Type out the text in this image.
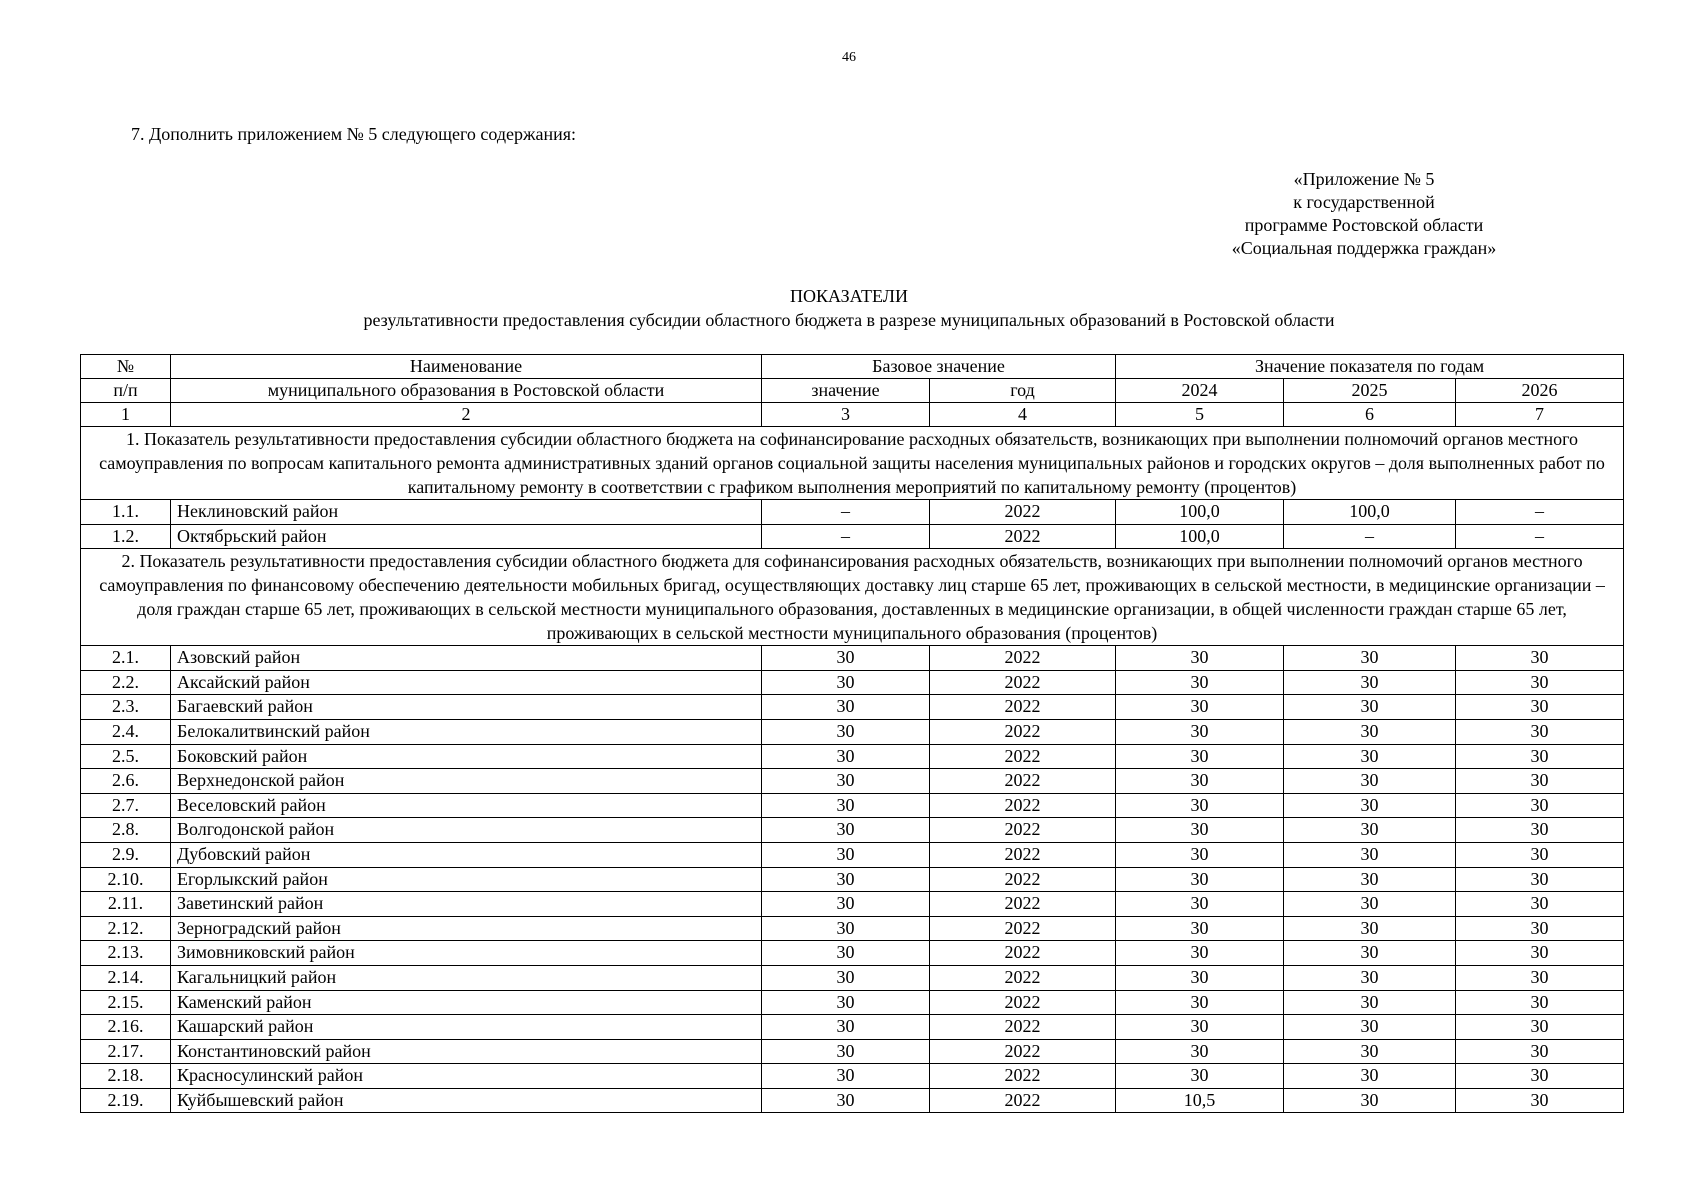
46
7. Дополнить приложением № 5 следующего содержания:
«Приложение № 5
к государственной
программе Ростовской области
«Социальная поддержка граждан»
ПОКАЗАТЕЛИ
результативности предоставления субсидии областного бюджета в разрезе муниципальных образований в Ростовской области
№	Наименование	Базовое значение		Значение показателя по годам		
п/п	муниципального образования в Ростовской области	значение	год	2024	2025	2026
1	2	3	4	5	6	7
1. Показатель результативности предоставления субсидии областного бюджета на софинансирование расходных обязательств, возникающих при выполнении полномочий органов местного самоуправления по вопросам капитального ремонта административных зданий органов социальной защиты населения муниципальных районов и городских округов – доля выполненных работ по капитальному ремонту в соответствии с графиком выполнения мероприятий по капитальному ремонту (процентов)						
1.1.	Неклиновский район	–	2022	100,0	100,0	–
1.2.	Октябрьский район	–	2022	100,0	–	–
2. Показатель результативности предоставления субсидии областного бюджета для софинансирования расходных обязательств, возникающих при выполнении полномочий органов местного самоуправления по финансовому обеспечению деятельности мобильных бригад, осуществляющих доставку лиц старше 65 лет, проживающих в сельской местности, в медицинские организации – доля граждан старше 65 лет, проживающих в сельской местности муниципального образования, доставленных в медицинские организации, в общей численности граждан старше 65 лет, проживающих в сельской местности муниципального образования (процентов)						
2.1.	Азовский район	30	2022	30	30	30
2.2.	Аксайский район	30	2022	30	30	30
2.3.	Багаевский район	30	2022	30	30	30
2.4.	Белокалитвинский район	30	2022	30	30	30
2.5.	Боковский район	30	2022	30	30	30
2.6.	Верхнедонской район	30	2022	30	30	30
2.7.	Веселовский район	30	2022	30	30	30
2.8.	Волгодонской район	30	2022	30	30	30
2.9.	Дубовский район	30	2022	30	30	30
2.10.	Егорлыкский район	30	2022	30	30	30
2.11.	Заветинский район	30	2022	30	30	30
2.12.	Зерноградский район	30	2022	30	30	30
2.13.	Зимовниковский район	30	2022	30	30	30
2.14.	Кагальницкий район	30	2022	30	30	30
2.15.	Каменский район	30	2022	30	30	30
2.16.	Кашарский район	30	2022	30	30	30
2.17.	Константиновский район	30	2022	30	30	30
2.18.	Красносулинский район	30	2022	30	30	30
2.19.	Куйбышевский район	30	2022	10,5	30	30
